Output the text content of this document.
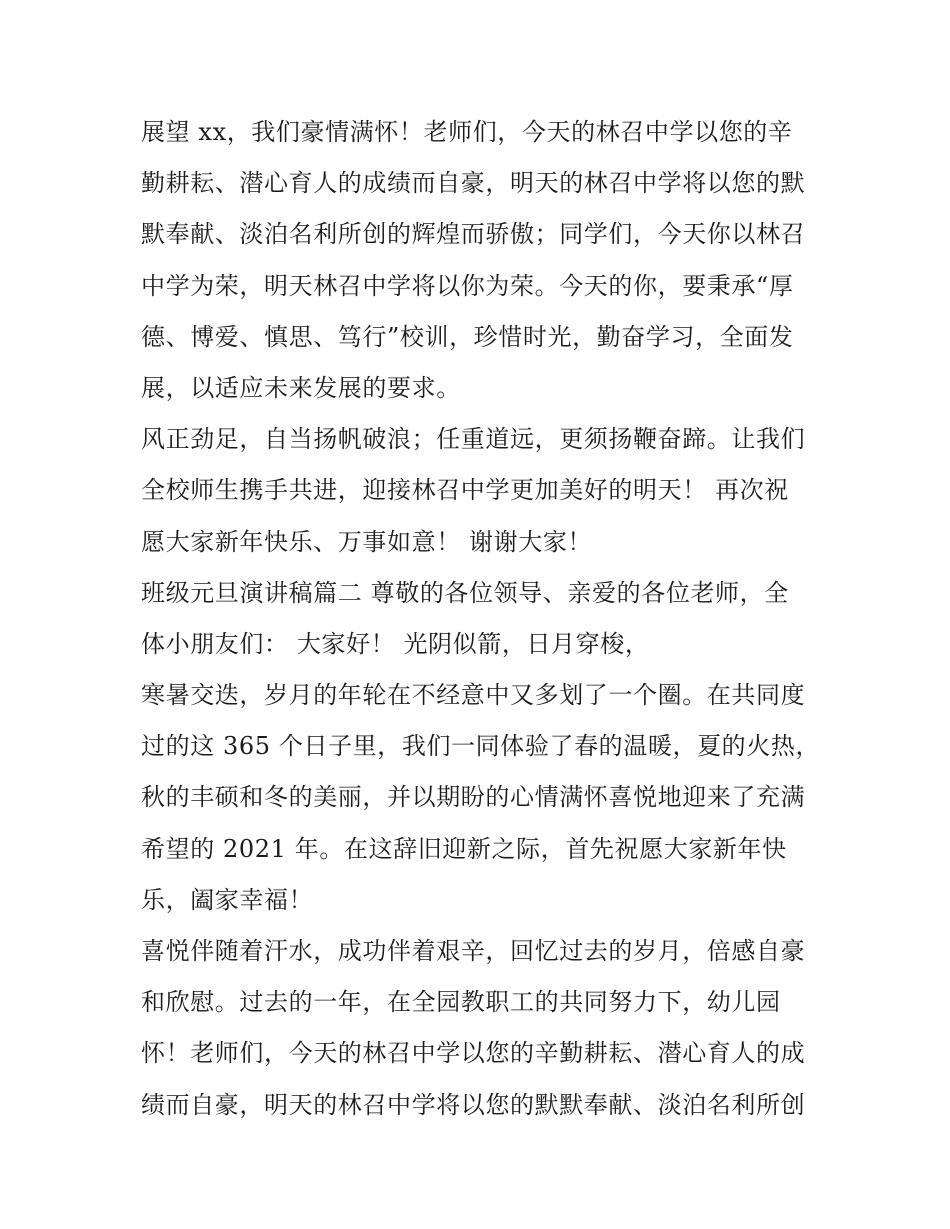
展望 xx，我们豪情满怀！老师们，今天的林召中学以您的辛
勤耕耘、潜心育人的成绩而自豪，明天的林召中学将以您的默
默奉献、淡泊名利所创的辉煌而骄傲；同学们，今天你以林召
中学为荣，明天林召中学将以你为荣。今天的你，要秉承“厚
德、博爱、慎思、笃行”校训，珍惜时光，勤奋学习，全面发
展，以适应未来发展的要求。
风正劲足，自当扬帆破浪；任重道远，更须扬鞭奋蹄。让我们
全校师生携手共进，迎接林召中学更加美好的明天！ 再次祝
愿大家新年快乐、万事如意！ 谢谢大家！
班级元旦演讲稿篇二 尊敬的各位领导、亲爱的各位老师，全
体小朋友们： 大家好！ 光阴似箭，日月穿梭，
寒暑交迭，岁月的年轮在不经意中又多划了一个圈。在共同度
过的这 365 个日子里，我们一同体验了春的温暖，夏的火热，
秋的丰硕和冬的美丽，并以期盼的心情满怀喜悦地迎来了充满
希望的 2021 年。在这辞旧迎新之际，首先祝愿大家新年快
乐，阖家幸福！
喜悦伴随着汗水，成功伴着艰辛，回忆过去的岁月，倍感自豪
和欣慰。过去的一年，在全园教职工的共同努力下，幼儿园
怀！老师们，今天的林召中学以您的辛勤耕耘、潜心育人的成
绩而自豪，明天的林召中学将以您的默默奉献、淡泊名利所创
